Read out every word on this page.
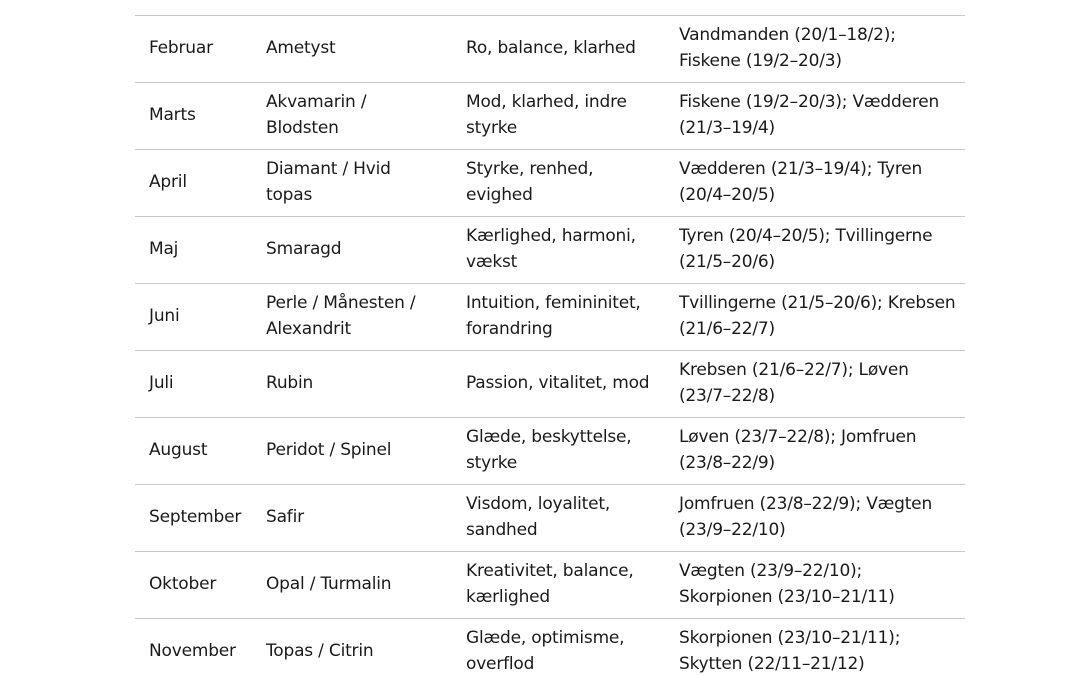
Februar	Ametyst	Ro, balance, klarhed	Vandmanden (20/1–18/2); Fiskene (19/2–20/3)
Marts	Akvamarin / Blodsten	Mod, klarhed, indre styrke	Fiskene (19/2–20/3); Vædderen (21/3–19/4)
April	Diamant / Hvid topas	Styrke, renhed, evighed	Vædderen (21/3–19/4); Tyren (20/4–20/5)
Maj	Smaragd	Kærlighed, harmoni, vækst	Tyren (20/4–20/5); Tvillingerne (21/5–20/6)
Juni	Perle / Månesten / Alexandrit	Intuition, femininitet, forandring	Tvillingerne (21/5–20/6); Krebsen (21/6–22/7)
Juli	Rubin	Passion, vitalitet, mod	Krebsen (21/6–22/7); Løven (23/7–22/8)
August	Peridot / Spinel	Glæde, beskyttelse, styrke	Løven (23/7–22/8); Jomfruen (23/8–22/9)
September	Safir	Visdom, loyalitet, sandhed	Jomfruen (23/8–22/9); Vægten (23/9–22/10)
Oktober	Opal / Turmalin	Kreativitet, balance, kærlighed	Vægten (23/9–22/10); Skorpionen (23/10–21/11)
November	Topas / Citrin	Glæde, optimisme, overflod	Skorpionen (23/10–21/11); Skytten (22/11–21/12)
